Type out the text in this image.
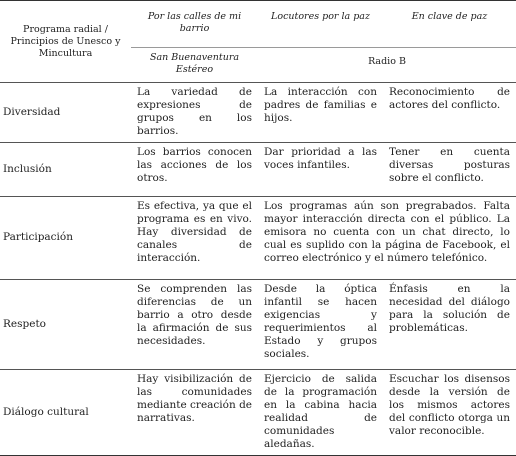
Programa radial / Principios de Unesco y Mincultura	Por las calles de mi barrio	Locutores por la paz	En clave de paz

	San Buenaventura Estéreo	Radio B	

Diversidad	La variedad de expresiones de grupos en los barrios.	La interacción con padres de familias e hijos.	Reconocimiento de actores del conflicto.

Inclusión	Los barrios conocen las acciones de los otros.	Dar prioridad a las voces infantiles.	Tener en cuenta diversas posturas sobre el conflicto.

Participación	Es efectiva, ya que el programa es en vivo. Hay diversidad de canales de interacción.	Los programas aún son pregrabados. Falta mayor interacción directa con el público. La emisora no cuenta con un chat directo, lo cual es suplido con la página de Facebook, el correo electrónico y el número telefónico.	

Respeto	Se comprenden las diferencias de un barrio a otro desde la afirmación de sus necesidades.	Desde la óptica infantil se hacen exigencias y requerimientos al Estado y grupos sociales.	Énfasis en la necesidad del diálogo para la solución de problemáticas.

Diálogo cultural	Hay visibilización de las comunidades mediante creación de narrativas.	Ejercicio de salida de la programación en la cabina hacia realidad de comunidades aledañas.	Escuchar los disensos desde la versión de los mismos actores del conflicto otorga un valor reconocible.
